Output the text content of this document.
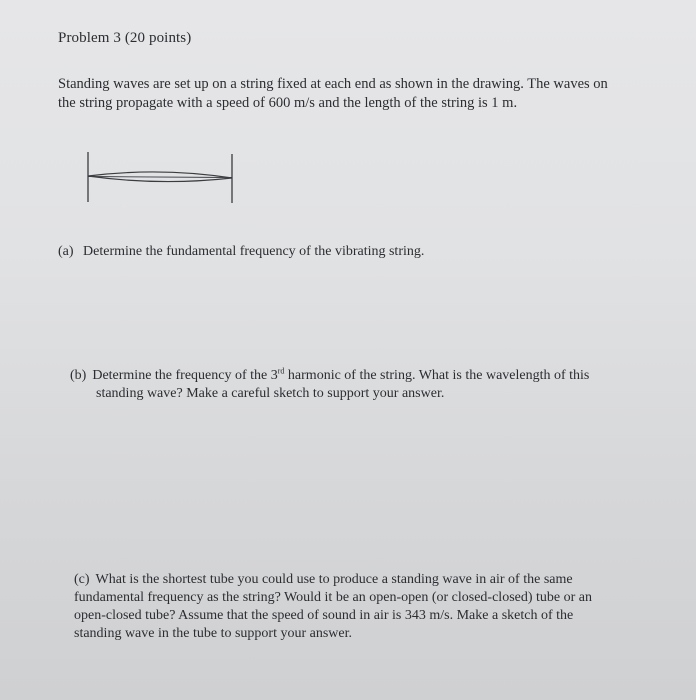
Problem 3 (20 points)
Standing waves are set up on a string fixed at each end as shown in the drawing. The waves on
the string propagate with a speed of 600 m/s and the length of the string is 1 m.
(a) Determine the fundamental frequency of the vibrating string.
(b) Determine the frequency of the 3rd harmonic of the string. What is the wavelength of this
standing wave? Make a careful sketch to support your answer.
(c) What is the shortest tube you could use to produce a standing wave in air of the same
fundamental frequency as the string? Would it be an open-open (or closed-closed) tube or an
open-closed tube? Assume that the speed of sound in air is 343 m/s. Make a sketch of the
standing wave in the tube to support your answer.
